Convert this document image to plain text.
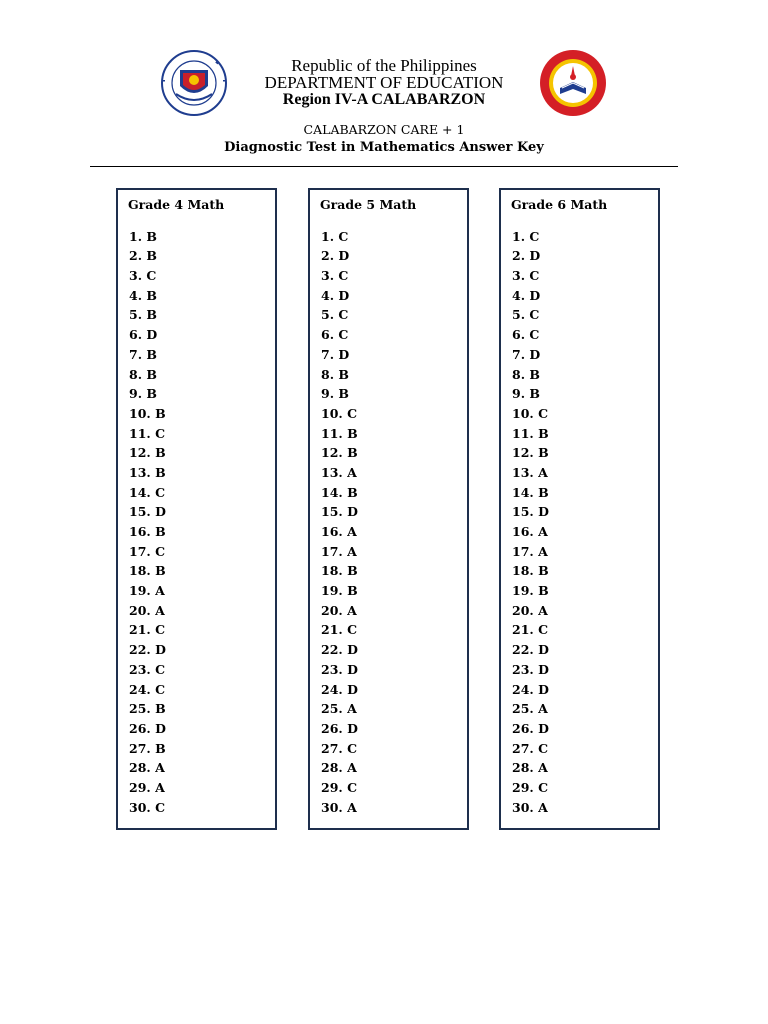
Republic of the Philippines
DEPARTMENT OF EDUCATION
Region IV-A CALABARZON
CALABARZON CARE + 1
Diagnostic Test in Mathematics Answer Key
Grade 4 Math
1. B
2. B
3. C
4. B
5. B
6. D
7. B
8. B
9. B
10. B
11. C
12. B
13. B
14. C
15. D
16. B
17. C
18. B
19. A
20. A
21. C
22. D
23. C
24. C
25. B
26. D
27. B
28. A
29. A
30. C
Grade 5 Math
1. C
2. D
3. C
4. D
5. C
6. C
7. D
8. B
9. B
10. C
11. B
12. B
13. A
14. B
15. D
16. A
17. A
18. B
19. B
20. A
21. C
22. D
23. D
24. D
25. A
26. D
27. C
28. A
29. C
30. A
Grade 6 Math
1. C
2. D
3. C
4. D
5. C
6. C
7. D
8. B
9. B
10. C
11. B
12. B
13. A
14. B
15. D
16. A
17. A
18. B
19. B
20. A
21. C
22. D
23. D
24. D
25. A
26. D
27. C
28. A
29. C
30. A
